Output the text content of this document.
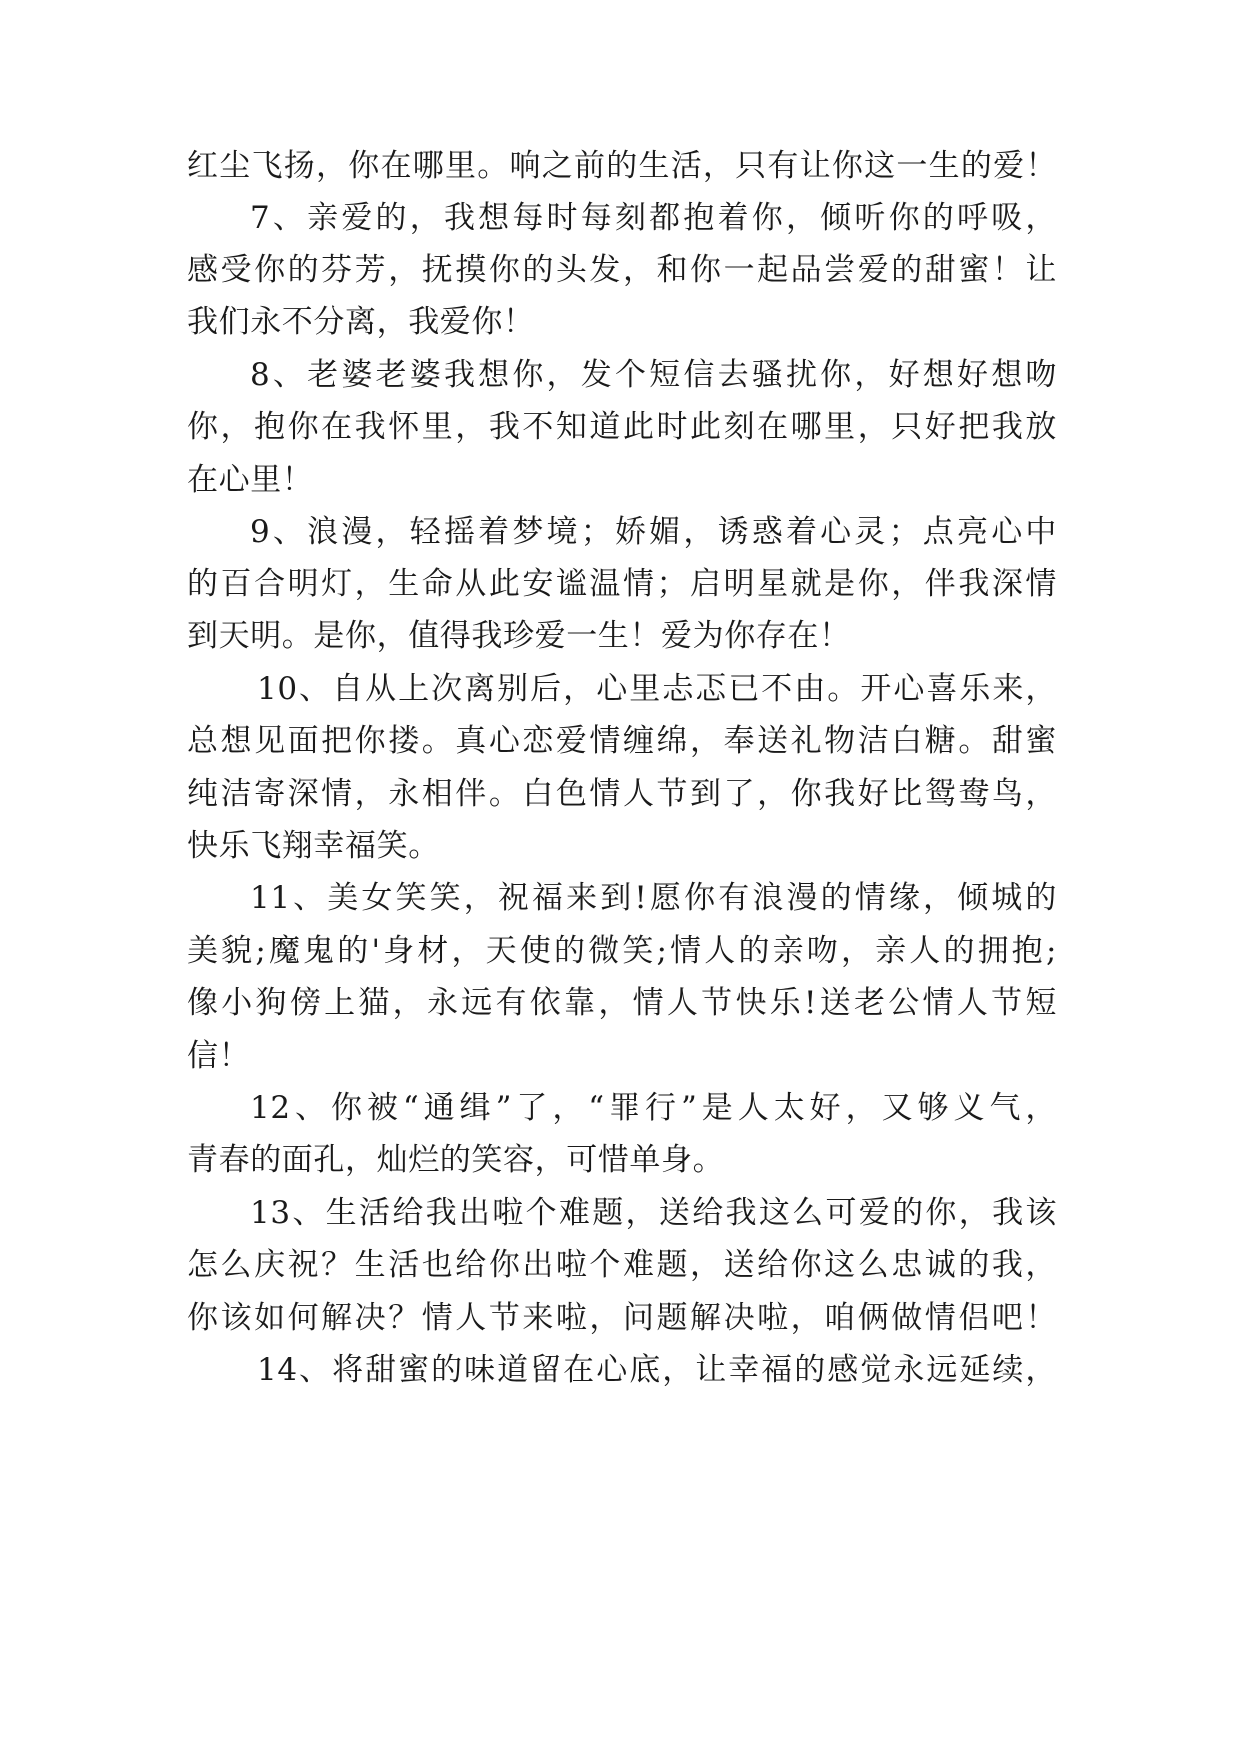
红尘飞扬，你在哪里。响之前的生活，只有让你这一生的爱！
7、亲爱的，我想每时每刻都抱着你，倾听你的呼吸，
感受你的芬芳，抚摸你的头发，和你一起品尝爱的甜蜜！让
我们永不分离，我爱你！
8、老婆老婆我想你，发个短信去骚扰你，好想好想吻
你，抱你在我怀里，我不知道此时此刻在哪里，只好把我放
在心里！
9、浪漫，轻摇着梦境；娇媚，诱惑着心灵；点亮心中
的百合明灯，生命从此安谧温情；启明星就是你，伴我深情
到天明。是你，值得我珍爱一生！爱为你存在！
10、自从上次离别后，心里忐忑已不由。开心喜乐来，
总想见面把你搂。真心恋爱情缠绵，奉送礼物洁白糖。甜蜜
纯洁寄深情，永相伴。白色情人节到了，你我好比鸳鸯鸟，
快乐飞翔幸福笑。
11、美女笑笑，祝福来到!愿你有浪漫的情缘，倾城的
美貌;魔鬼的'身材，天使的微笑;情人的亲吻，亲人的拥抱;
像小狗傍上猫，永远有依靠，情人节快乐!送老公情人节短
信！
12、你被“通缉”了，“罪行”是人太好，又够义气，
青春的面孔，灿烂的笑容，可惜单身。
13、生活给我出啦个难题，送给我这么可爱的你，我该
怎么庆祝？生活也给你出啦个难题，送给你这么忠诚的我，
你该如何解决？情人节来啦，问题解决啦，咱俩做情侣吧！
14、将甜蜜的味道留在心底，让幸福的感觉永远延续，
